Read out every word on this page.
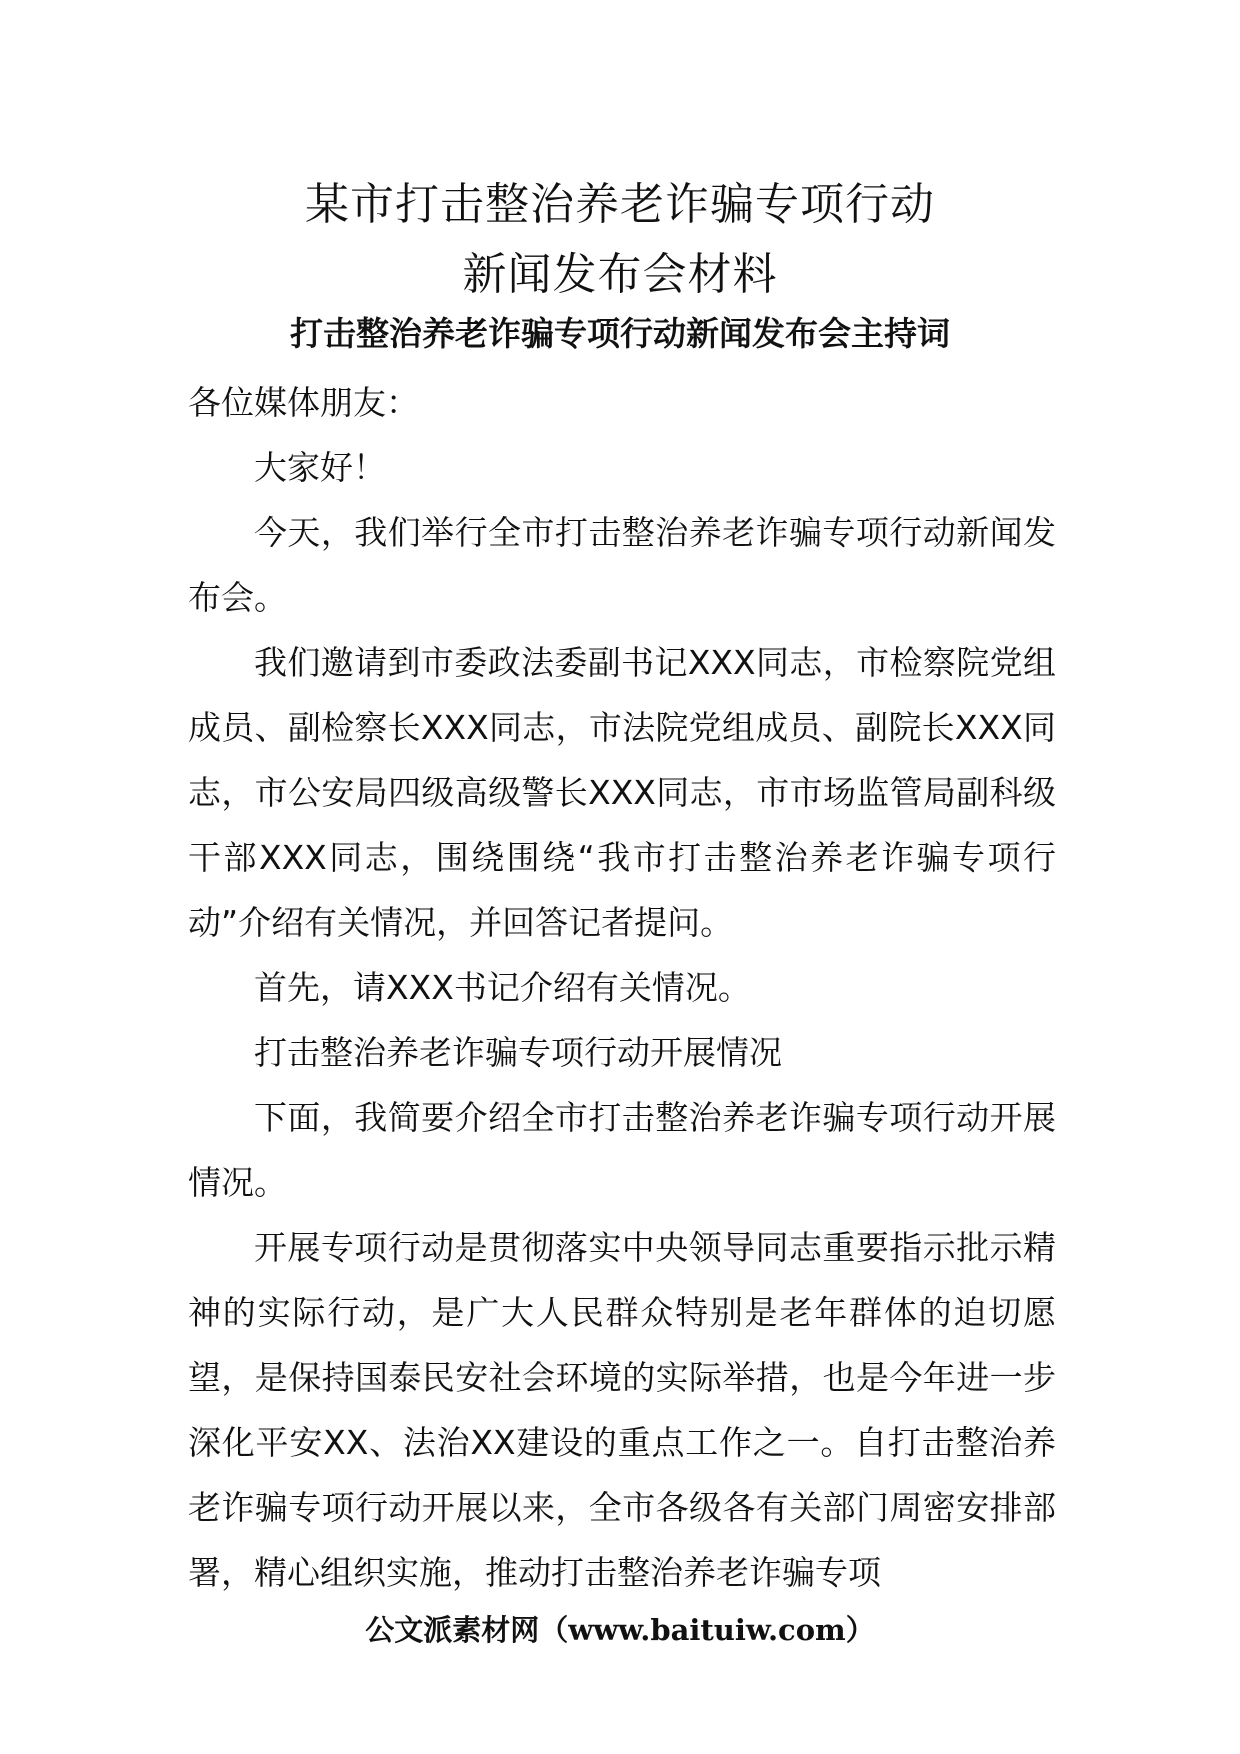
某市打击整治养老诈骗专项行动
新闻发布会材料
打击整治养老诈骗专项行动新闻发布会主持词

各位媒体朋友：

大家好！

今天，我们举行全市打击整治养老诈骗专项行动新闻发布会。

我们邀请到市委政法委副书记XXX同志，市检察院党组成员、副检察长XXX同志，市法院党组成员、副院长XXX同志，市公安局四级高级警长XXX同志，市市场监管局副科级干部XXX同志，围绕围绕“我市打击整治养老诈骗专项行动”介绍有关情况，并回答记者提问。

首先，请XXX书记介绍有关情况。

打击整治养老诈骗专项行动开展情况

下面，我简要介绍全市打击整治养老诈骗专项行动开展情况。

开展专项行动是贯彻落实中央领导同志重要指示批示精神的实际行动，是广大人民群众特别是老年群体的迫切愿望，是保持国泰民安社会环境的实际举措，也是今年进一步深化平安XX、法治XX建设的重点工作之一。自打击整治养老诈骗专项行动开展以来，全市各级各有关部门周密安排部署，精心组织实施，推动打击整治养老诈骗专项

公文派素材网（www.baituiw.com）
